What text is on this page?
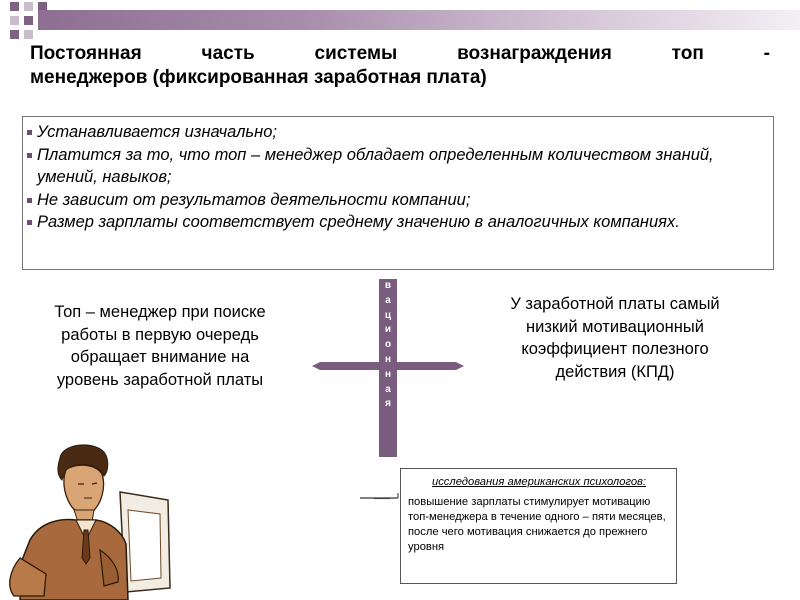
Постоянная часть системы вознаграждения топ -
менеджеров (фиксированная заработная плата)
Устанавливается изначально;
Платится за то, что топ – менеджер обладает определенным количеством знаний, умений, навыков;
Не зависит от результатов деятельности компании;
Размер зарплаты соответствует среднему значению в аналогичных компаниях.
Топ – менеджер при поиске работы в первую очередь обращает внимание на уровень заработной платы
У заработной платы самый низкий мотивационный коэффициент полезного действия (КПД)
в
а
ц
и
о
н
н
а
я
исследования американских психологов:
повышение зарплаты стимулирует мотивацию топ-менеджера в течение одного – пяти месяцев, после чего мотивация снижается до прежнего уровня
